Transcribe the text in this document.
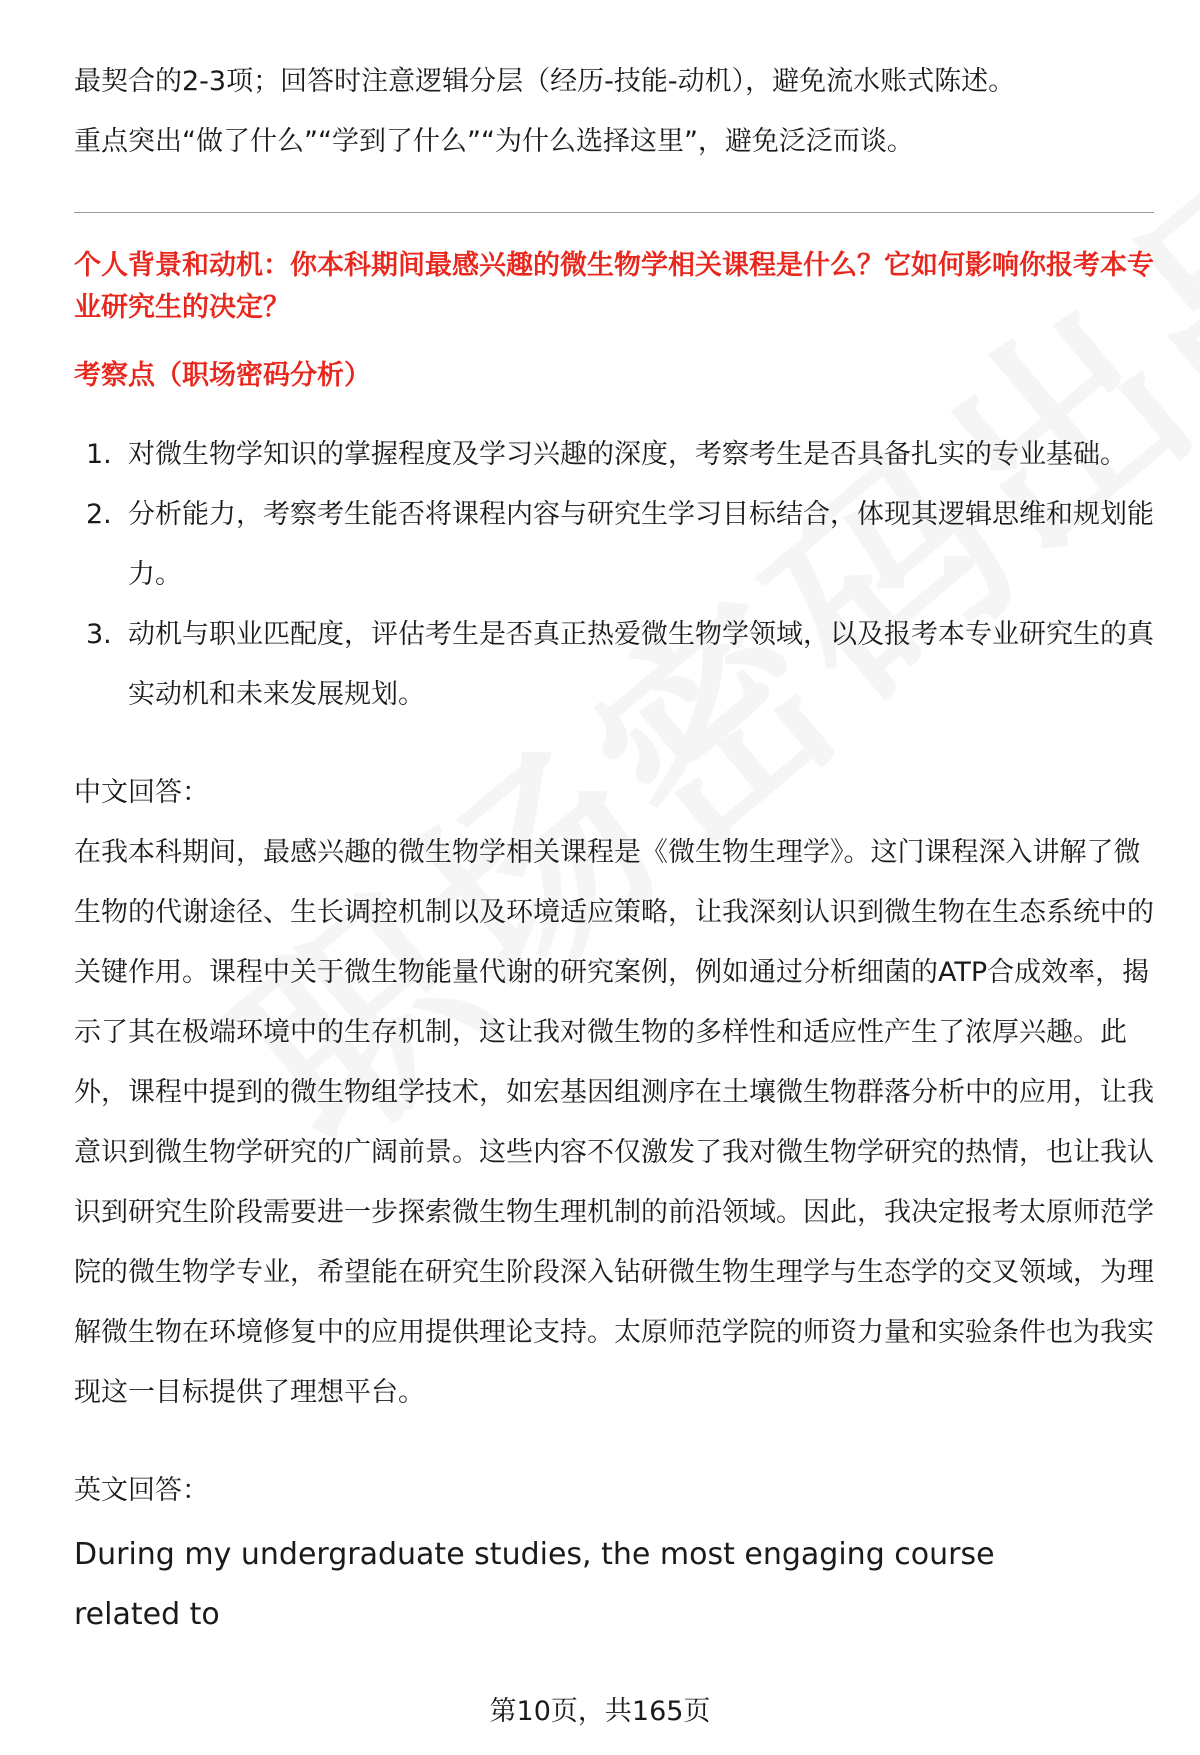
最契合的2-3项；回答时注意逻辑分层（经历-技能-动机），避免流水账式陈述。

重点突出“做了什么”“学到了什么”“为什么选择这里”，避免泛泛而谈。

个人背景和动机：你本科期间最感兴趣的微生物学相关课程是什么？它如何影响你报考本专业研究生的决定？
考察点（职场密码分析）
1. 对微生物学知识的掌握程度及学习兴趣的深度，考察考生是否具备扎实的专业基础。
2. 分析能力，考察考生能否将课程内容与研究生学习目标结合，体现其逻辑思维和规划能力。
3. 动机与职业匹配度，评估考生是否真正热爱微生物学领域，以及报考本专业研究生的真实动机和未来发展规划。

中文回答：

在我本科期间，最感兴趣的微生物学相关课程是《微生物生理学》。这门课程深入讲解了微生物的代谢途径、生长调控机制以及环境适应策略，让我深刻认识到微生物在生态系统中的关键作用。课程中关于微生物能量代谢的研究案例，例如通过分析细菌的ATP合成效率，揭示了其在极端环境中的生存机制，这让我对微生物的多样性和适应性产生了浓厚兴趣。此外，课程中提到的微生物组学技术，如宏基因组测序在土壤微生物群落分析中的应用，让我意识到微生物学研究的广阔前景。这些内容不仅激发了我对微生物学研究的热情，也让我认识到研究生阶段需要进一步探索微生物生理机制的前沿领域。因此，我决定报考太原师范学院的微生物学专业，希望能在研究生阶段深入钻研微生物生理学与生态学的交叉领域，为理解微生物在环境修复中的应用提供理论支持。太原师范学院的师资力量和实验条件也为我实现这一目标提供了理想平台。

英文回答：

During my undergraduate studies, the most engaging course related to

第10页，共165页
